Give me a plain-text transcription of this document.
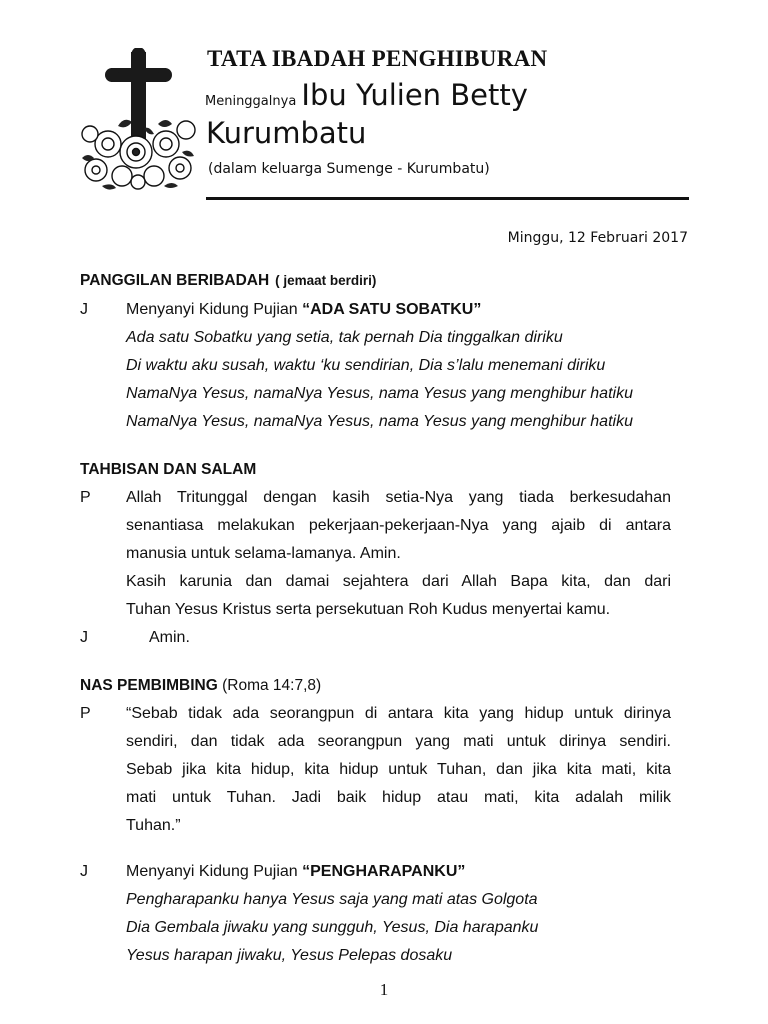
TATA IBADAH PENGHIBURAN
Meninggalnya Ibu Yulien Betty
Kurumbatu
(dalam keluarga Sumenge - Kurumbatu)
Minggu, 12 Februari 2017
PANGGILAN BERIBADAH ( jemaat berdiri)
J Menyanyi Kidung Pujian “ADA SATU SOBATKU”
Ada satu Sobatku yang setia, tak pernah Dia tinggalkan diriku
Di waktu aku susah, waktu ‘ku sendirian, Dia s’lalu menemani diriku
NamaNya Yesus, namaNya Yesus, nama Yesus yang menghibur hatiku
NamaNya Yesus, namaNya Yesus, nama Yesus yang menghibur hatiku
TAHBISAN DAN SALAM
P Allah Tritunggal dengan kasih setia-Nya yang tiada berkesudahan
senantiasa melakukan pekerjaan-pekerjaan-Nya yang ajaib di antara
manusia untuk selama-lamanya. Amin.
Kasih karunia dan damai sejahtera dari Allah Bapa kita, dan dari
Tuhan Yesus Kristus serta persekutuan Roh Kudus menyertai kamu.
J	Amin.
NAS PEMBIMBING (Roma 14:7,8)
P “Sebab tidak ada seorangpun di antara kita yang hidup untuk dirinya
sendiri, dan tidak ada seorangpun yang mati untuk dirinya sendiri.
Sebab jika kita hidup, kita hidup untuk Tuhan, dan jika kita mati, kita
mati untuk Tuhan. Jadi baik hidup atau mati, kita adalah milik
Tuhan.”
J Menyanyi Kidung Pujian “PENGHARAPANKU”
Pengharapanku hanya Yesus saja yang mati atas Golgota
Dia Gembala jiwaku yang sungguh, Yesus, Dia harapanku
Yesus harapan jiwaku, Yesus Pelepas dosaku
1
